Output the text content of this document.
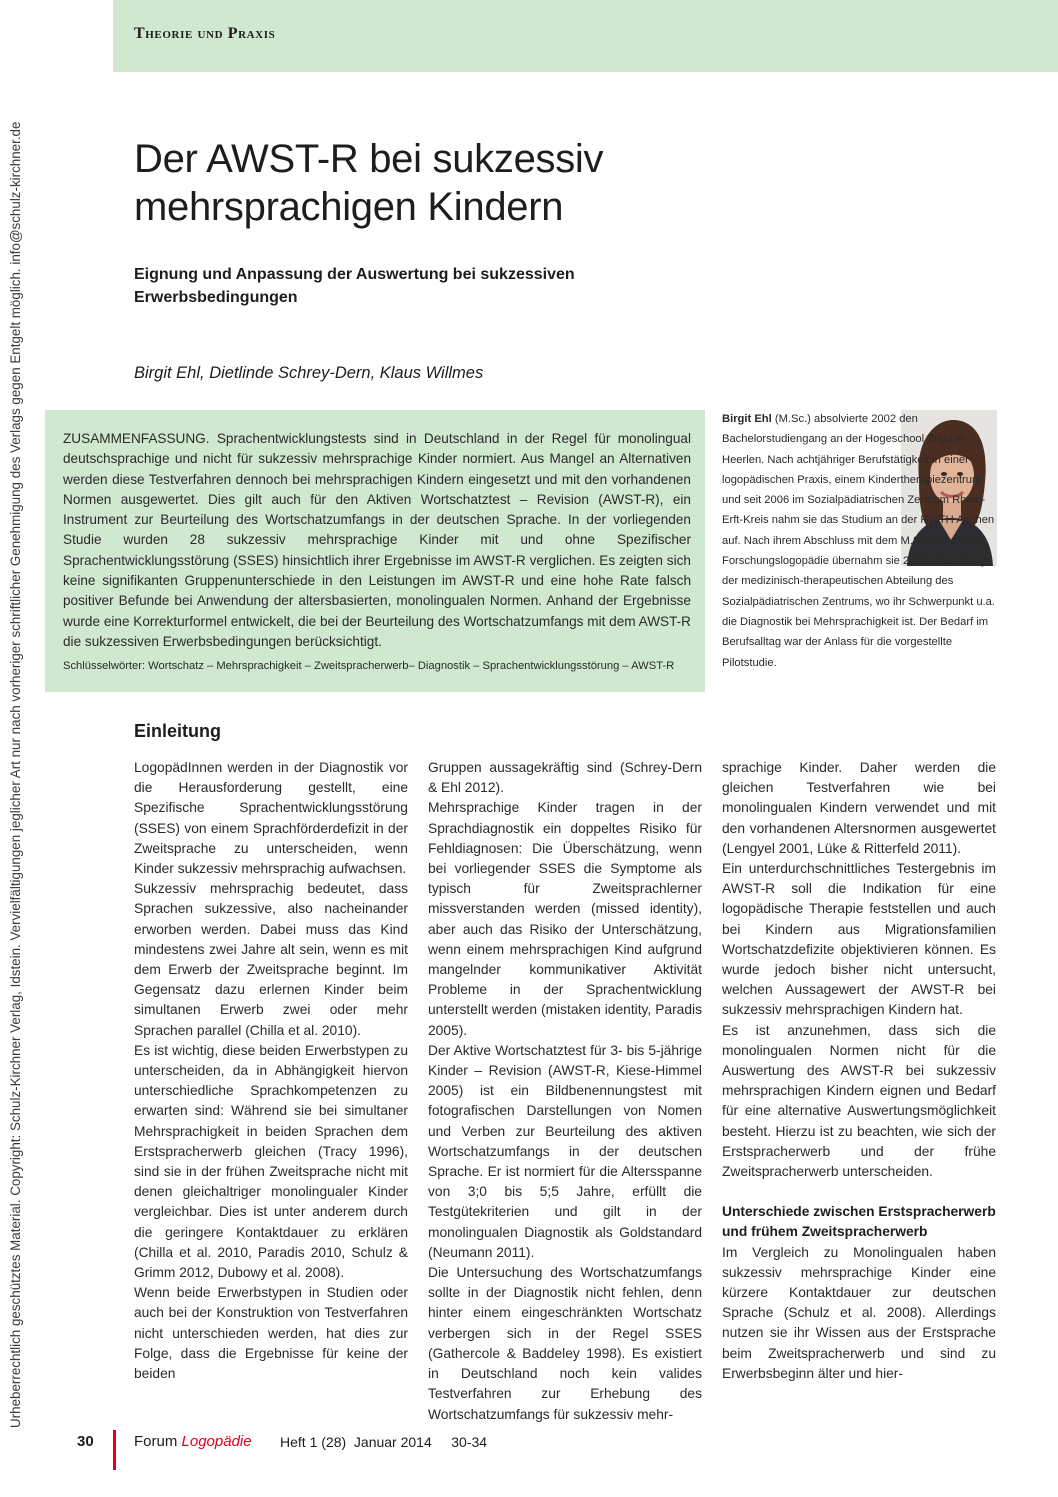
Theorie und Praxis
Urheberrechtlich geschütztes Material. Copyright: Schulz-Kirchner Verlag, Idstein. Vervielfältigungen jeglicher Art nur nach vorheriger schriftlicher Genehmigung des Verlags gegen Entgelt möglich. info@schulz-kirchner.de	Der AWST-R bei sukzessiv mehrsprachigen Kindern
Eignung und Anpassung der Auswertung bei sukzessiven Erwerbsbedingungen
Birgit Ehl, Dietlinde Schrey-Dern, Klaus Willmes

ZUSAMMENFASSUNG. Sprachentwicklungstests sind in Deutschland in der Regel für monolingual deutschsprachige und nicht für sukzessiv mehrsprachige Kinder normiert. Aus Mangel an Alternativen werden diese Testverfahren dennoch bei mehrsprachigen Kindern eingesetzt und mit den vorhandenen Normen ausgewertet. Dies gilt auch für den Aktiven Wortschatztest – Revision (AWST-R), ein Instrument zur Beurteilung des Wortschatzumfangs in der deutschen Sprache. In der vorliegenden Studie wurden 28 sukzessiv mehrsprachige Kinder mit und ohne Spezifischer Sprachentwicklungsstörung (SSES) hinsichtlich ihrer Ergebnisse im AWST-R verglichen. Es zeigten sich keine signifikanten Gruppenunterschiede in den Leistungen im AWST-R und eine hohe Rate falsch positiver Befunde bei Anwendung der altersbasierten, monolingualen Normen. Anhand der Ergebnisse wurde eine Korrekturformel entwickelt, die bei der Beurteilung des Wortschatzumfangs mit dem AWST-R die sukzessiven Erwerbsbedingungen berücksichtigt.

Schlüsselwörter: Wortschatz – Mehrsprachigkeit – Zweitspracherwerb– Diagnostik – Sprachentwicklungsstörung – AWST-R

Birgit Ehl (M.Sc.) absolvierte 2002 den Bachelorstudiengang an der Hogeschool Zuyd in Heerlen. Nach achtjähriger Berufstätigkeit in einer logopädischen Praxis, einem Kindertherapiezentrum und seit 2006 im Sozialpädiatrischen Zentrum Rhein-Erft-Kreis nahm sie das Studium an der RWTH Aachen auf. Nach ihrem Abschluss mit dem M.Sc. Lehr- und Forschungslogopädie übernahm sie 2013 die Leitung der medizinisch-therapeutischen Abteilung des Sozialpädiatrischen Zentrums, wo ihr Schwerpunkt u.a. die Diagnostik bei Mehrsprachigkeit ist. Der Bedarf im Berufsalltag war der Anlass für die vorgestellte Pilotstudie.

Einleitung

LogopädInnen werden in der Diagnostik vor die Herausforderung gestellt, eine Spezifische Sprachentwicklungsstörung (SSES) von einem Sprachförderdefizit in der Zweitsprache zu unterscheiden, wenn Kinder sukzessiv mehrsprachig aufwachsen.

Sukzessiv mehrsprachig bedeutet, dass Sprachen sukzessive, also nacheinander erworben werden. Dabei muss das Kind mindestens zwei Jahre alt sein, wenn es mit dem Erwerb der Zweitsprache beginnt. Im Gegensatz dazu erlernen Kinder beim simultanen Erwerb zwei oder mehr Sprachen parallel (Chilla et al. 2010).

Es ist wichtig, diese beiden Erwerbstypen zu unterscheiden, da in Abhängigkeit hiervon unterschiedliche Sprachkompetenzen zu erwarten sind: Während sie bei simultaner Mehrsprachigkeit in beiden Sprachen dem Erstspracherwerb gleichen (Tracy 1996), sind sie in der frühen Zweitsprache nicht mit denen gleichaltriger monolingualer Kinder vergleichbar. Dies ist unter anderem durch die geringere Kontaktdauer zu erklären (Chilla et al. 2010, Paradis 2010, Schulz & Grimm 2012, Dubowy et al. 2008).

Wenn beide Erwerbstypen in Studien oder auch bei der Konstruktion von Testverfahren nicht unterschieden werden, hat dies zur Folge, dass die Ergebnisse für keine der beiden

Gruppen aussagekräftig sind (Schrey-Dern & Ehl 2012).

Mehrsprachige Kinder tragen in der Sprachdiagnostik ein doppeltes Risiko für Fehldiagnosen: Die Überschätzung, wenn bei vorliegender SSES die Symptome als typisch für Zweitsprachlerner missverstanden werden (missed identity), aber auch das Risiko der Unterschätzung, wenn einem mehrsprachigen Kind aufgrund mangelnder kommunikativer Aktivität Probleme in der Sprachentwicklung unterstellt werden (mistaken identity, Paradis 2005).

Der Aktive Wortschatztest für 3- bis 5-jährige Kinder – Revision (AWST-R, Kiese-Himmel 2005) ist ein Bildbenennungstest mit fotografischen Darstellungen von Nomen und Verben zur Beurteilung des aktiven Wortschatzumfangs in der deutschen Sprache. Er ist normiert für die Altersspanne von 3;0 bis 5;5 Jahre, erfüllt die Testgütekriterien und gilt in der monolingualen Diagnostik als Goldstandard (Neumann 2011).

Die Untersuchung des Wortschatzumfangs sollte in der Diagnostik nicht fehlen, denn hinter einem eingeschränkten Wortschatz verbergen sich in der Regel SSES (Gathercole & Baddeley 1998). Es existiert in Deutschland noch kein valides Testverfahren zur Erhebung des Wortschatzumfangs für sukzessiv mehr-

sprachige Kinder. Daher werden die gleichen Testverfahren wie bei monolingualen Kindern verwendet und mit den vorhandenen Altersnormen ausgewertet (Lengyel 2001, Lüke & Ritterfeld 2011).

Ein unterdurchschnittliches Testergebnis im AWST-R soll die Indikation für eine logopädische Therapie feststellen und auch bei Kindern aus Migrationsfamilien Wortschatzdefizite objektivieren können. Es wurde jedoch bisher nicht untersucht, welchen Aussagewert der AWST-R bei sukzessiv mehrsprachigen Kindern hat.

Es ist anzunehmen, dass sich die monolingualen Normen nicht für die Auswertung des AWST-R bei sukzessiv mehrsprachigen Kindern eignen und Bedarf für eine alternative Auswertungsmöglichkeit besteht. Hierzu ist zu beachten, wie sich der Erstspracherwerb und der frühe Zweitspracherwerb unterscheiden.

Unterschiede zwischen Erstspracherwerb und frühem Zweitspracherwerb

Im Vergleich zu Monolingualen haben sukzessiv mehrsprachige Kinder eine kürzere Kontaktdauer zur deutschen Sprache (Schulz et al. 2008). Allerdings nutzen sie ihr Wissen aus der Erstsprache beim Zweitspracherwerb und sind zu Erwerbsbeginn älter und hier-

30	Forum Logopädie Heft 1 (28)  Januar 2014     30-34
